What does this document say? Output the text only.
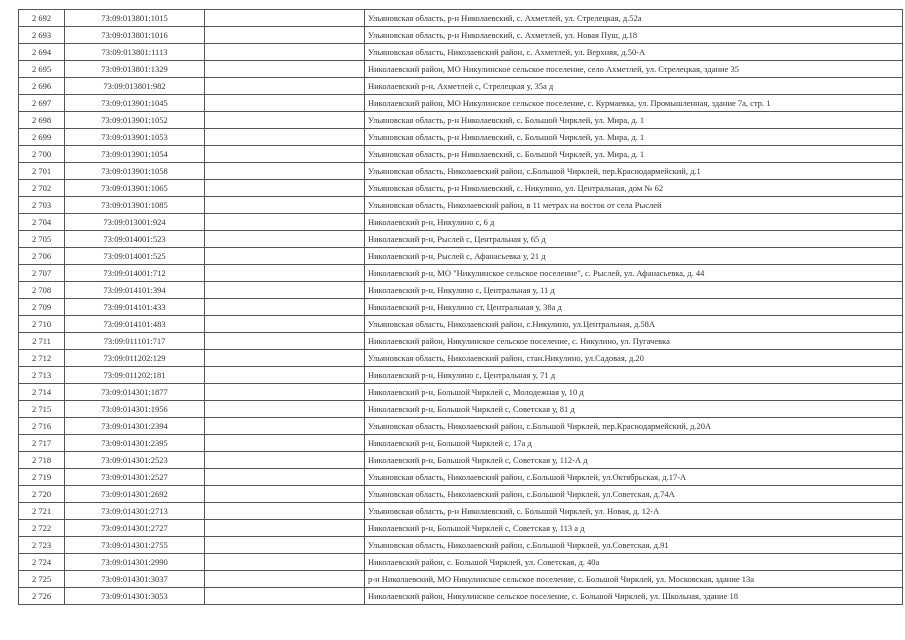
2 692	73:09:013801:1015		Ульяновская область, р-н Николаевский, с. Ахметлей, ул. Стрелецкая, д.52а
2 693	73:09:013801:1016		Ульяновская область, р-н Николаевский, с. Ахметлей, ул. Новая Пуш, д.18
2 694	73:09:013801:1113		Ульяновская область, Николаевский район, с. Ахметлей, ул. Верхняя, д.50-А
2 695	73:09:013801:1329		Николаевский район, МО Никулинское сельское поселение, село Ахметлей, ул. Стрелецкая, здание 35
2 696	73:09:013801:982		Николаевский р-н, Ахметлей с, Стрелецкая у, 35а д
2 697	73:09:013901:1045		Николаевский район, МО Никулинское сельское поселение, с. Курмаевка, ул. Промышленная, здание 7а, стр. 1
2 698	73:09:013901:1052		Ульяновская область, р-н Николаевский, с. Большой Чирклей, ул. Мира, д. 1
2 699	73:09:013901:1053		Ульяновская область, р-н Николаевский, с. Большой Чирклей, ул. Мира, д. 1
2 700	73:09:013901:1054		Ульяновская область, р-н Николаевский, с. Большой Чирклей, ул. Мира, д. 1
2 701	73:09:013901:1058		Ульяновская область, Николаевский район, с.Большой Чирклей, пер.Краснодармейский, д.1
2 702	73:09:013901:1065		Ульяновская область, р-н Николаевский, с. Никулино, ул. Центральная, дом № 62
2 703	73:09:013901:1085		Ульяновская область, Николаевский район, в 11 метрах на восток от села Рыслей
2 704	73:09:013001:924		Николаевский р-н, Никулино с, 6 д
2 705	73:09:014001:523		Николаевский р-н, Рыслей с, Центральная у, 65 д
2 706	73:09:014001:525		Николаевский р-н, Рыслей с, Афанасьевка у, 21 д
2 707	73:09:014001:712		Николаевский р-н, МО "Никулинское сельское поселение", с. Рыслей, ул. Афанасьевка, д. 44
2 708	73:09:014101:394		Николаевский р-н, Никулино с, Центральная у, 11 д
2 709	73:09:014101:433		Николаевский р-н, Никулино ст, Центральная у, 38а д
2 710	73:09:014101:483		Ульяновская область, Николаевский район, с.Никулино, ул.Центральная, д.58А
2 711	73:09:011101:717		Николаевский район, Никулинское сельское поселение, с. Никулино, ул. Пугачевка
2 712	73:09:011202:129		Ульяновская область, Николаевский район, стан.Никулино, ул.Садовая, д.20
2 713	73:09:011202:181		Николаевский р-н, Никулино с, Центральная у, 71 д
2 714	73:09:014301:1877		Николаевский р-н, Большой Чирклей с, Молодежная у, 10 д
2 715	73:09:014301:1956		Николаевский р-н, Большой Чирклей с, Советская у, 81 д
2 716	73:09:014301:2394		Ульяновская область, Николаевский район, с.Большой Чирклей, пер.Краснодармейский, д.20А
2 717	73:09:014301:2395		Николаевский р-н, Большой Чирклей с, 17а д
2 718	73:09:014301:2523		Николаевский р-н, Большой Чирклей с, Советская у, 112-А д
2 719	73:09:014301:2527		Ульяновская область, Николаевский район, с.Большой Чирклей, ул.Октябрьская, д.17-А
2 720	73:09:014301:2692		Ульяновская область, Николаевский район, с.Большой Чирклей, ул.Советская, д.74А
2 721	73:09:014301:2713		Ульяновская область, р-н Николаевский, с. Большой Чирклей, ул. Новая, д. 12-А
2 722	73:09:014301:2727		Николаевский р-н, Большой Чирклей с, Советская у, 113 а д
2 723	73:09:014301:2755		Ульяновская область, Николаевский район, с.Большой Чирклей, ул.Советская, д.91
2 724	73:09:014301:2990		Николаевский район, с. Большой Чирклей, ул. Советская, д. 40а
2 725	73:09:014301:3037		р-н Николаевский, МО Никулинское сельское поселение, с. Большой Чирклей, ул. Московская, здание 13а
2 726	73:09:014301:3053		Николаевский район, Никулинское сельское поселение, с. Большой Чирклей, ул. Школьная, здание 18
